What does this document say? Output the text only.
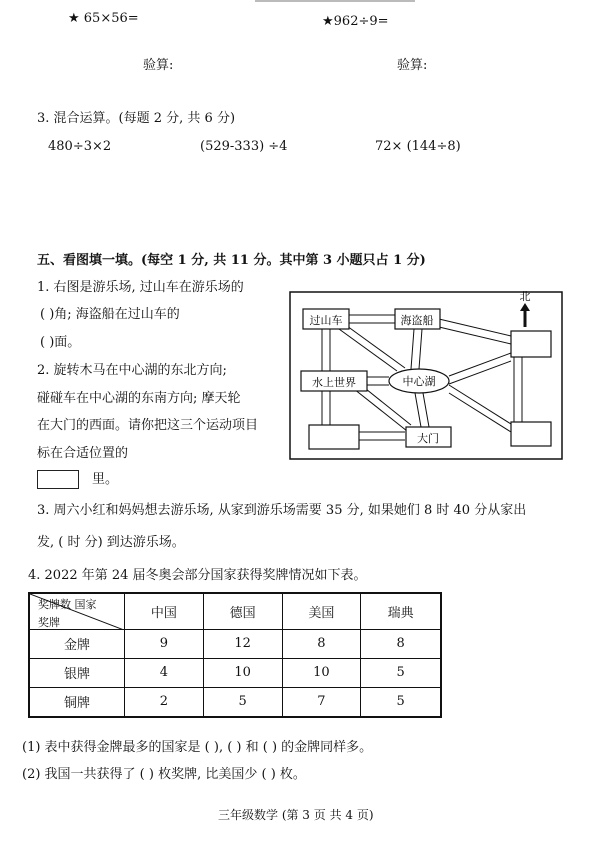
★ 65×56=	★962÷9=
验算:	验算:
3. 混合运算。(每题 2 分, 共 6 分)
480÷3×2	(529-333) ÷4	72× (144÷8)
五、看图填一填。(每空 1 分, 共 11 分。其中第 3 小题只占 1 分)
1. 右图是游乐场, 过山车在游乐场的
( )角; 海盗船在过山车的
( )面。
2. 旋转木马在中心湖的东北方向;
碰碰车在中心湖的东南方向; 摩天轮
在大门的西面。请你把这三个运动项目
标在合适位置的
里。
北
过山车	海盗船
水上世界	中心湖
大门
3. 周六小红和妈妈想去游乐场, 从家到游乐场需要 35 分, 如果她们 8 时 40 分从家出
发, ( 时 分) 到达游乐场。
4. 2022 年第 24 届冬奥会部分国家获得奖牌情况如下表。
奖牌数 国家
奖牌	中国	德国	美国	瑞典
金牌	9	12	8	8
银牌	4	10	10	5
铜牌	2	5	7	5
(1) 表中获得金牌最多的国家是 ( ), ( ) 和 ( ) 的金牌同样多。
(2) 我国一共获得了 ( ) 枚奖牌, 比美国少 ( ) 枚。
三年级数学 (第 3 页 共 4 页)
